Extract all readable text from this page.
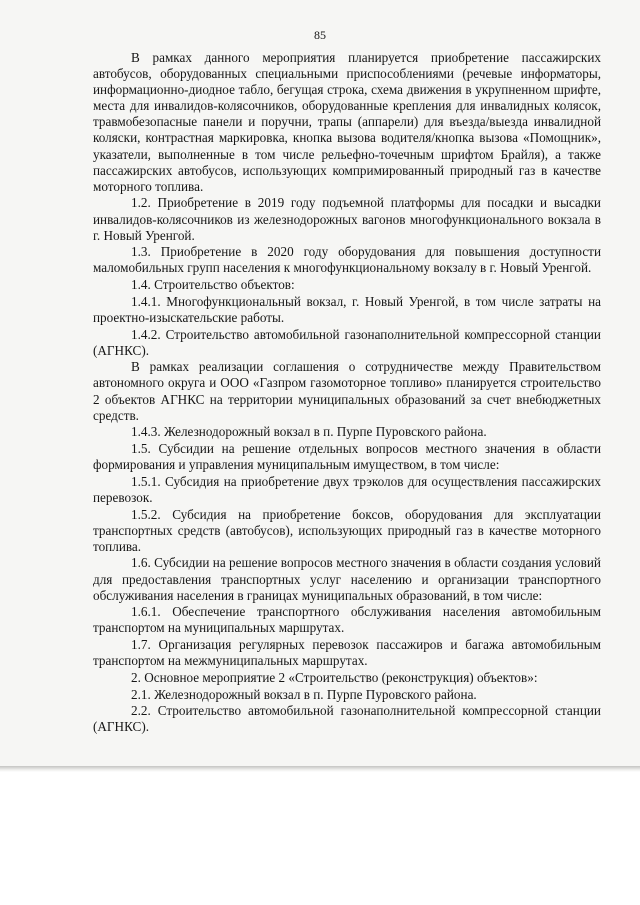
85

В рамках данного мероприятия планируется приобретение пассажирских автобусов, оборудованных специальными приспособлениями (речевые информаторы, информационно-диодное табло, бегущая строка, схема движения в укрупненном шрифте, места для инвалидов-колясочников, оборудованные крепления для инвалидных колясок, травмобезопасные панели и поручни, трапы (аппарели) для въезда/выезда инвалидной коляски, контрастная маркировка, кнопка вызова водителя/кнопка вызова «Помощник», указатели, выполненные в том числе рельефно-точечным шрифтом Брайля), а также пассажирских автобусов, использующих компримированный природный газ в качестве моторного топлива.

1.2. Приобретение в 2019 году подъемной платформы для посадки и высадки инвалидов-колясочников из железнодорожных вагонов многофункционального вокзала в г. Новый Уренгой.

1.3. Приобретение в 2020 году оборудования для повышения доступности маломобильных групп населения к многофункциональному вокзалу в г. Новый Уренгой.

1.4. Строительство объектов:

1.4.1. Многофункциональный вокзал, г. Новый Уренгой, в том числе затраты на проектно-изыскательские работы.

1.4.2. Строительство автомобильной газонаполнительной компрессорной станции (АГНКС).

В рамках реализации соглашения о сотрудничестве между Правительством автономного округа и ООО «Газпром газомоторное топливо» планируется строительство 2 объектов АГНКС на территории муниципальных образований за счет внебюджетных средств.

1.4.3. Железнодорожный вокзал в п. Пурпе Пуровского района.

1.5. Субсидии на решение отдельных вопросов местного значения в области формирования и управления муниципальным имуществом, в том числе:

1.5.1. Субсидия на приобретение двух трэколов для осуществления пассажирских перевозок.

1.5.2. Субсидия на приобретение боксов, оборудования для эксплуатации транспортных средств (автобусов), использующих природный газ в качестве моторного топлива.

1.6. Субсидии на решение вопросов местного значения в области создания условий для предоставления транспортных услуг населению и организации транспортного обслуживания населения в границах муниципальных образований, в том числе:

1.6.1. Обеспечение транспортного обслуживания населения автомобильным транспортом на муниципальных маршрутах.

1.7. Организация регулярных перевозок пассажиров и багажа автомобильным транспортом на межмуниципальных маршрутах.

2. Основное мероприятие 2 «Строительство (реконструкция) объектов»:

2.1. Железнодорожный вокзал в п. Пурпе Пуровского района.

2.2. Строительство автомобильной газонаполнительной компрессорной станции (АГНКС).
